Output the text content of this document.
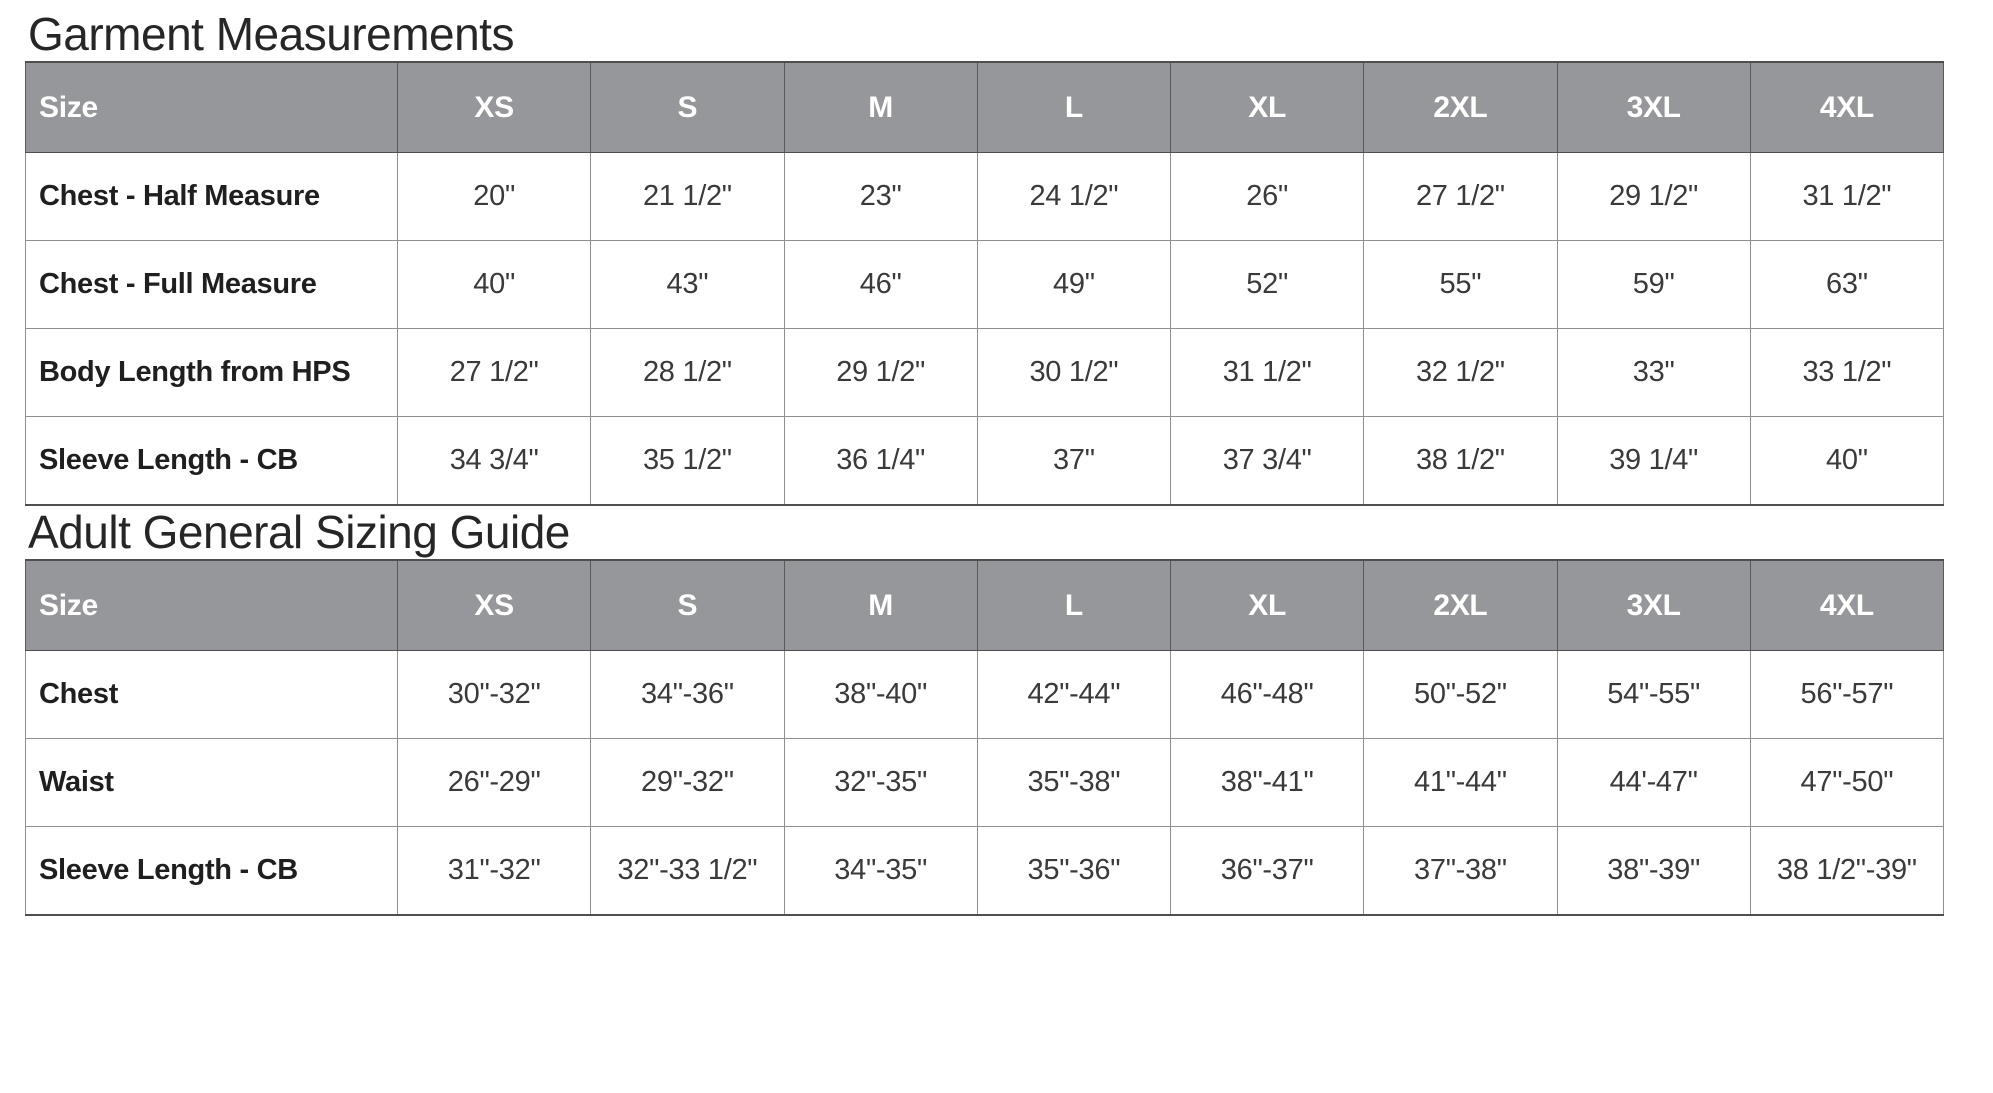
Garment Measurements
Size	XS	S	M	L	XL	2XL	3XL	4XL
Chest - Half Measure	20"	21 1/2"	23"	24 1/2"	26"	27 1/2"	29 1/2"	31 1/2"
Chest - Full Measure	40"	43"	46"	49"	52"	55"	59"	63"
Body Length from HPS	27 1/2"	28 1/2"	29 1/2"	30 1/2"	31 1/2"	32 1/2"	33"	33 1/2"
Sleeve Length - CB	34 3/4"	35 1/2"	36 1/4"	37"	37 3/4"	38 1/2"	39 1/4"	40"
Adult General Sizing Guide
Size	XS	S	M	L	XL	2XL	3XL	4XL
Chest	30"-32"	34"-36"	38"-40"	42"-44"	46"-48"	50"-52"	54"-55"	56"-57"
Waist	26"-29"	29"-32"	32"-35"	35"-38"	38"-41"	41"-44"	44'-47"	47"-50"
Sleeve Length - CB	31"-32"	32"-33 1/2"	34"-35"	35"-36"	36"-37"	37"-38"	38"-39"	38 1/2"-39"
